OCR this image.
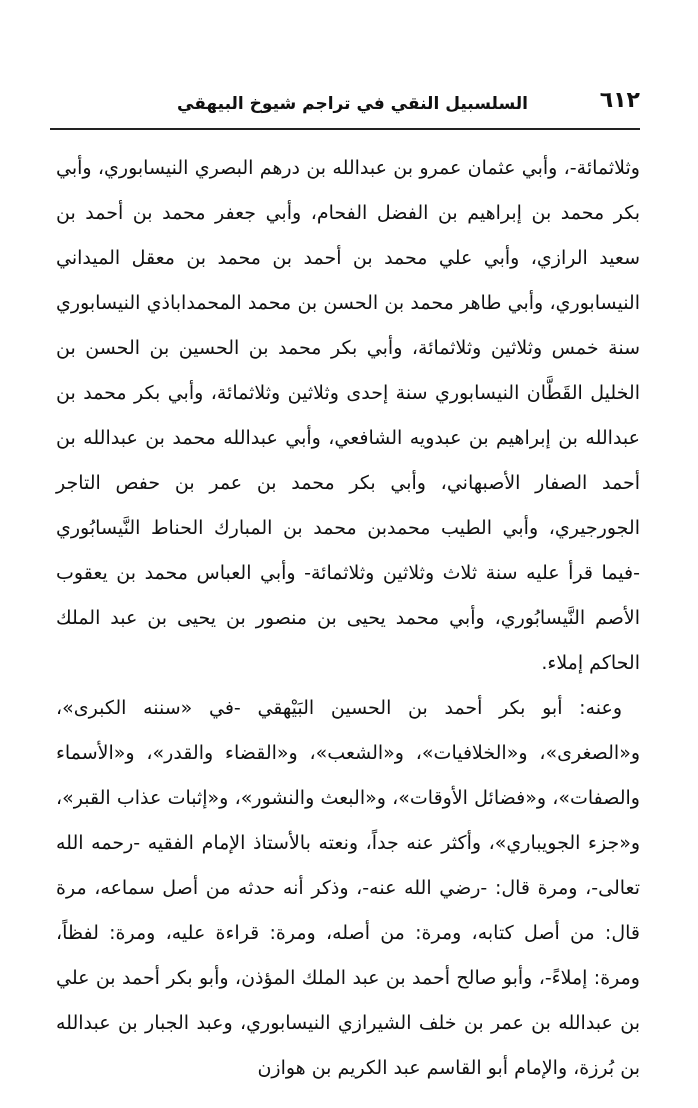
٦١٢
السلسبيل النقي في تراجم شيوخ البيهقي

وثلاثمائة-، وأبي عثمان عمرو بن عبدالله بن درهم البصري النيسابوري، وأبي بكر محمد بن إبراهيم بن الفضل الفحام، وأبي جعفر محمد بن أحمد بن سعيد الرازي، وأبي علي محمد بن أحمد بن محمد بن معقل الميداني النيسابوري، وأبي طاهر محمد بن الحسن بن محمد المحمداباذي النيسابوري سنة خمس وثلاثين وثلاثمائة، وأبي بكر محمد بن الحسين بن الحسن بن الخليل القَطَّان النيسابوري سنة إحدى وثلاثين وثلاثمائة، وأبي بكر محمد بن عبدالله بن إبراهيم بن عبدويه الشافعي، وأبي عبدالله محمد بن عبدالله بن أحمد الصفار الأصبهاني، وأبي بكر محمد بن عمر بن حفص التاجر الجورجيري، وأبي الطيب محمدبن محمد بن المبارك الحناط النَّيسابُوري -فيما قرأ عليه سنة ثلاث وثلاثين وثلاثمائة- وأبي العباس محمد بن يعقوب الأصم النَّيسابُوري، وأبي محمد يحيى بن منصور بن يحيى بن عبد الملك الحاكم إملاء.

وعنه: أبو بكر أحمد بن الحسين البَيْهقي -في «سننه الكبرى»، و«الصغرى»، و«الخلافيات»، و«الشعب»، و«القضاء والقدر»، و«الأسماء والصفات»، و«فضائل الأوقات»، و«البعث والنشور»، و«إثبات عذاب القبر»، و«جزء الجويباري»، وأكثر عنه جداً، ونعته بالأستاذ الإمام الفقيه -رحمه الله تعالى-، ومرة قال: -رضي الله عنه-، وذكر أنه حدثه من أصل سماعه، مرة قال: من أصل كتابه، ومرة: من أصله، ومرة: قراءة عليه، ومرة: لفظاً، ومرة: إملاءً-، وأبو صالح أحمد بن عبد الملك المؤذن، وأبو بكر أحمد بن علي بن عبدالله بن عمر بن خلف الشيرازي النيسابوري، وعبد الجبار بن عبدالله بن بُرزة، والإمام أبو القاسم عبد الكريم بن هوازن
